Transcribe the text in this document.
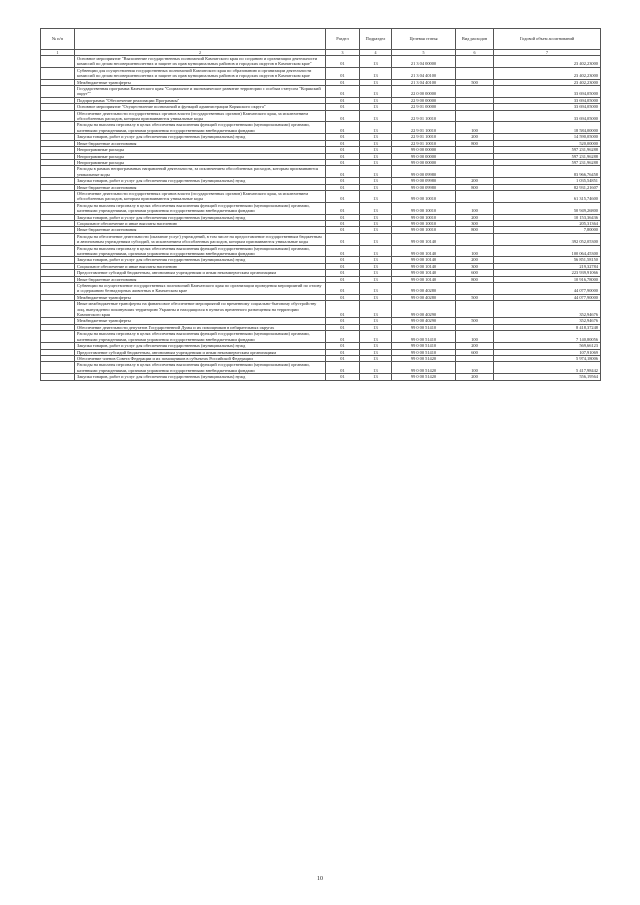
№ п/п		Раздел	Подраздел	Целевая статья	Вид расходов	Годовой объем ассигнований
1	2	3	4	5	6	7
	Основное мероприятие "Выполнение государственных полномочий Камчатского края по созданию и организации деятельности комиссий по делам несовершеннолетних и защите их прав муниципальных районов и городских округов в Камчатском крае"	01	13	21 3 04 00000		23 402,23000
	Субвенции для осуществления государственных полномочий Камчатского края по образованию и организации деятельности комиссий по делам несовершеннолетних и защите их прав муниципальных районов и городских округов в Камчатском крае	01	13	21 3 04 40100		23 402,23000
	Межбюджетные трансферты	01	13	21 3 04 40100	500	23 402,23000
	Государственная программа Камчатского края "Социальное и экономическое развитие территории с особым статусом "Корякский округ""	01	13	22 0 00 00000		33 694,05000
	Подпрограмма "Обеспечение реализации Программы"	01	13	22 9 00 00000		33 694,05000
	Основное мероприятие "Осуществление полномочий и функций администрации Корякского округа"	01	13	22 9 01 00000		33 694,05000
	Обеспечение деятельности государственных органов власти (государственных органов) Камчатского края, за исключением обособленных расходов, которым присваиваются уникальные коды	01	13	22 9 01 10010		33 694,05000
	Расходы на выплаты персоналу в целях обеспечения выполнения функций государственными (муниципальными) органами, казенными учреждениями, органами управления государственными внебюджетными фондами	01	13	22 9 01 10010	100	18 584,00000
	Закупка товаров, работ и услуг для обеспечения государственных (муниципальных) нужд	01	13	22 9 01 10010	200	14 590,05000
	Иные бюджетные ассигнования	01	13	22 9 01 10010	800	520,00000
	Непрограммные расходы	01	13	99 0 00 00000		597 231,96288
	Непрограммные расходы	01	13	99 0 00 00000		597 231,96288
	Непрограммные расходы	01	13	99 0 00 00000		597 231,96288
	Расходы в рамках непрограммных направлений деятельности, за исключением обособленных расходов, которым присваиваются уникальные коды	01	13	99 0 00 09980		83 966,76458
	Закупка товаров, работ и услуг для обеспечения государственных (муниципальных) нужд	01	13	99 0 00 09980	200	1 035,54851
	Иные бюджетные ассигнования	01	13	99 0 00 09980	800	82 931,21607
	Обеспечение деятельности государственных органов власти (государственных органов) Камчатского края, за исключением обособленных расходов, которым присваиваются уникальные коды	01	13	99 0 00 10010		61 315,74600
	Расходы на выплаты персоналу в целях обеспечения выполнения функций государственными (муниципальными) органами, казенными учреждениями, органами управления государственными внебюджетными фондами	01	13	99 0 00 10010	100	50 949,26800
	Закупка товаров, работ и услуг для обеспечения государственных (муниципальных) нужд	01	13	99 0 00 10010	200	10 153,36436
	Социальное обеспечение и иные выплаты населению	01	13	99 0 00 10010	300	205,31364
	Иные бюджетные ассигнования	01	13	99 0 00 10010	800	7,80000
	Расходы на обеспечение деятельности (оказание услуг) учреждений, в том числе на предоставление государственным бюджетным и автономным учреждениям субсидий, за исключением обособленных расходов, которым присваиваются уникальные коды	01	13	99 0 00 10140		392 052,05300
	Расходы на выплаты персоналу в целях обеспечения выполнения функций государственными (муниципальными) органами, казенными учреждениями, органами управления государственными внебюджетными фондами	01	13	99 0 00 10140	100	100 064,45300
	Закупка товаров, работ и услуг для обеспечения государственных (муниципальных) нужд	01	13	99 0 00 10140	200	56 851,58150
	Социальное обеспечение и иные выплаты населению	01	13	99 0 00 10140	300	219,32784
	Предоставление субсидий бюджетным, автономным учреждениям и иным некоммерческим организациям	01	13	99 0 00 10140	600	223 939,91066
	Иные бюджетные ассигнования	01	13	99 0 00 10140	800	10 916,78000
	Субвенции на осуществление государственных полномочий Камчатского края по организации проведения мероприятий по отлову и содержанию безнадзорных животных в Камчатском крае	01	13	99 0 00 40280		44 077,90000
	Межбюджетные трансферты	01	13	99 0 00 40280	500	44 077,90000
	Иные межбюджетные трансферты на финансовое обеспечение мероприятий по временному социально-бытовому обустройству лиц, вынужденно покинувших территорию Украины и находящихся в пунктах временного размещения на территории Камчатского края	01	13	99 0 00 40290		352,94676
	Межбюджетные трансферты	01	13	99 0 00 40290	500	352,94676
	Обеспечение деятельности депутатов Государственной Думы и их помощников в избирательных округах	01	13	99 0 00 51410		8 418,37248
	Расходы на выплаты персоналу в целях обеспечения выполнения функций государственными (муниципальными) органами, казенными учреждениями, органами управления государственными внебюджетными фондами	01	13	99 0 00 51410	100	7 140,80056
	Закупка товаров, работ и услуг для обеспечения государственных (муниципальных) нужд	01	13	99 0 00 51410	200	569,66123
	Предоставление субсидий бюджетным, автономным учреждениям и иным некоммерческим организациям	01	13	99 0 00 51410	600	107,91069
	Обеспечение членов Совета Федерации и их помощников в субъектах Российской Федерации	01	13	99 0 00 51420		5 974,18006
	Расходы на выплаты персоналу в целях обеспечения выполнения функций государственными (муниципальными) органами, казенными учреждениями, органами управления государственными внебюджетными фондами	01	13	99 0 00 51420	100	5 417,98442
	Закупка товаров, работ и услуг для обеспечения государственных (муниципальных) нужд	01	13	99 0 00 51420	200	556,19564
10
